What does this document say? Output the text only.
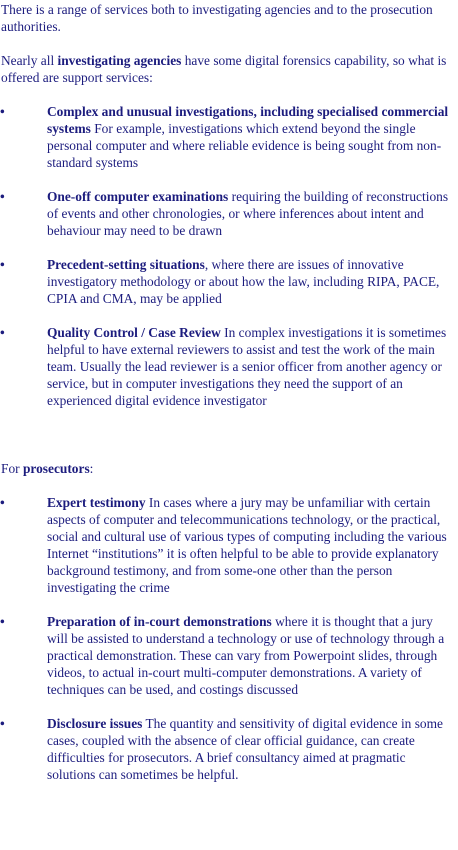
There is a range of services both to investigating agencies and to the prosecution authorities.

Nearly all investigating agencies have some digital forensics capability, so what is offered are support services:

•	Complex and unusual investigations, including specialised commercial systems For example, investigations which extend beyond the single personal computer and where reliable evidence is being sought from non-standard systems
•	One-off computer examinations requiring the building of reconstructions of events and other chronologies, or where inferences about intent and behaviour may need to be drawn
•	Precedent-setting situations, where there are issues of innovative investigatory methodology or about how the law, including RIPA, PACE, CPIA and CMA, may be applied
•	Quality Control / Case Review In complex investigations it is sometimes helpful to have external reviewers to assist and test the work of the main team. Usually the lead reviewer is a senior officer from another agency or service, but in computer investigations they need the support of an experienced digital evidence investigator

For prosecutors:

•	Expert testimony In cases where a jury may be unfamiliar with certain aspects of computer and telecommunications technology, or the practical, social and cultural use of various types of computing including the various Internet “institutions” it is often helpful to be able to provide explanatory background testimony, and from some-one other than the person investigating the crime
•	Preparation of in-court demonstrations where it is thought that a jury will be assisted to understand a technology or use of technology through a practical demonstration. These can vary from Powerpoint slides, through videos, to actual in-court multi-computer demonstrations. A variety of techniques can be used, and costings discussed
•	Disclosure issues The quantity and sensitivity of digital evidence in some cases, coupled with the absence of clear official guidance, can create difficulties for prosecutors. A brief consultancy aimed at pragmatic solutions can sometimes be helpful.
